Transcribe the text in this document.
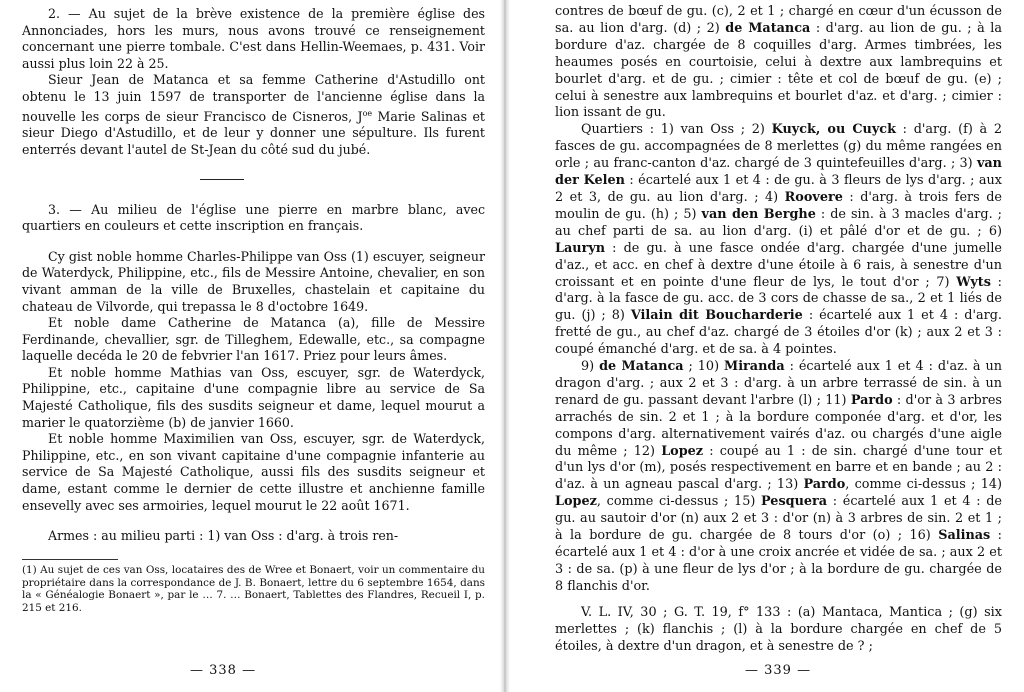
2. — Au sujet de la brève existence de la première église des Annonciades, hors les murs, nous avons trouvé ce renseignement concernant une pierre tombale. C'est dans Hellin-Weemaes, p. 431. Voir aussi plus loin 22 à 25.

Sieur Jean de Matanca et sa femme Catherine d'Astudillo ont obtenu le 13 juin 1597 de transporter de l'ancienne église dans la nouvelle les corps de sieur Francisco de Cisneros, $J^{oe}$ Marie Salinas et sieur Diego d'Astudillo, et de leur y donner une sépulture. Ils furent enterrés devant l'autel de St-Jean du côté sud du jubé.

3. — Au milieu de l'église une pierre en marbre blanc, avec quartiers en couleurs et cette inscription en français.

Cy gist noble homme Charles-Philippe van Oss (1) escuyer, seigneur de Waterdyck, Philippine, etc., fils de Messire Antoine, chevalier, en son vivant amman de la ville de Bruxelles, chastelain et capitaine du chateau de Vilvorde, qui trepassa le 8 d'octobre 1649.

Et noble dame Catherine de Matanca (a), fille de Messire Ferdinande, chevallier, sgr. de Tilleghem, Edewalle, etc., sa compagne laquelle decéda le 20 de febvrier l'an 1617. Priez pour leurs âmes.

Et noble homme Mathias van Oss, escuyer, sgr. de Waterdyck, Philippine, etc., capitaine d'une compagnie libre au service de Sa Majesté Catholique, fils des susdits seigneur et dame, lequel mourut a marier le quatorzième (b) de janvier 1660.

Et noble homme Maximilien van Oss, escuyer, sgr. de Waterdyck, Philippine, etc., en son vivant capitaine d'une compagnie infanterie au service de Sa Majesté Catholique, aussi fils des susdits seigneur et dame, estant comme le dernier de cette illustre et anchienne famille ensevelly avec ses armoiries, lequel mourut le 22 août 1671.

Armes : au milieu parti : 1) van Oss : d'arg. à trois ren-

(1) Au sujet de ces van Oss, locataires des de Wree et Bonaert, voir un commentaire du propriétaire dans la correspondance de J. B. Bonaert, lettre du 6 septembre 1654, dans la « Généalogie Bonaert », par le … 7. … Bonaert, Tablettes des Flandres, Recueil I, p. 215 et 216.

— 338 —

contres de bœuf de gu. (c), 2 et 1 ; chargé en cœur d'un écusson de sa. au lion d'arg. (d) ; 2) de Matanca : d'arg. au lion de gu. ; à la bordure d'az. chargée de 8 coquilles d'arg. Armes timbrées, les heaumes posés en courtoisie, celui à dextre aux lambrequins et bourlet d'arg. et de gu. ; cimier : tête et col de bœuf de gu. (e) ; celui à senestre aux lambrequins et bourlet d'az. et d'arg. ; cimier : lion issant de gu.

Quartiers : 1) van Oss ; 2) Kuyck, ou Cuyck : d'arg. (f) à 2 fasces de gu. accompagnées de 8 merlettes (g) du même rangées en orle ; au franc-canton d'az. chargé de 3 quintefeuilles d'arg. ; 3) van der Kelen : écartelé aux 1 et 4 : de gu. à 3 fleurs de lys d'arg. ; aux 2 et 3, de gu. au lion d'arg. ; 4) Roovere : d'arg. à trois fers de moulin de gu. (h) ; 5) van den Berghe : de sin. à 3 macles d'arg. ; au chef parti de sa. au lion d'arg. (i) et pâlé d'or et de gu. ; 6) Lauryn : de gu. à une fasce ondée d'arg. chargée d'une jumelle d'az., et acc. en chef à dextre d'une étoile à 6 rais, à senestre d'un croissant et en pointe d'une fleur de lys, le tout d'or ; 7) Wyts : d'arg. à la fasce de gu. acc. de 3 cors de chasse de sa., 2 et 1 liés de gu. (j) ; 8) Vilain dit Boucharderie : écartelé aux 1 et 4 : d'arg. fretté de gu., au chef d'az. chargé de 3 étoiles d'or (k) ; aux 2 et 3 : coupé émanché d'arg. et de sa. à 4 pointes.

9) de Matanca ; 10) Miranda : écartelé aux 1 et 4 : d'az. à un dragon d'arg. ; aux 2 et 3 : d'arg. à un arbre terrassé de sin. à un renard de gu. passant devant l'arbre (l) ; 11) Pardo : d'or à 3 arbres arrachés de sin. 2 et 1 ; à la bordure componée d'arg. et d'or, les compons d'arg. alternativement vairés d'az. ou chargés d'une aigle du même ; 12) Lopez : coupé au 1 : de sin. chargé d'une tour et d'un lys d'or (m), posés respectivement en barre et en bande ; au 2 : d'az. à un agneau pascal d'arg. ; 13) Pardo, comme ci-dessus ; 14) Lopez, comme ci-dessus ; 15) Pesquera : écartelé aux 1 et 4 : de gu. au sautoir d'or (n) aux 2 et 3 : d'or (n) à 3 arbres de sin. 2 et 1 ; à la bordure de gu. chargée de 8 tours d'or (o) ; 16) Salinas : écartelé aux 1 et 4 : d'or à une croix ancrée et vidée de sa. ; aux 2 et 3 : de sa. (p) à une fleur de lys d'or ; à la bordure de gu. chargée de 8 flanchis d'or.

V. L. IV, 30 ; G. T. 19, f° 133 : (a) Mantaca, Mantica ; (g) six merlettes ; (k) flanchis ; (l) à la bordure chargée en chef de 5 étoiles, à dextre d'un dragon, et à senestre de ? ;

— 339 —
